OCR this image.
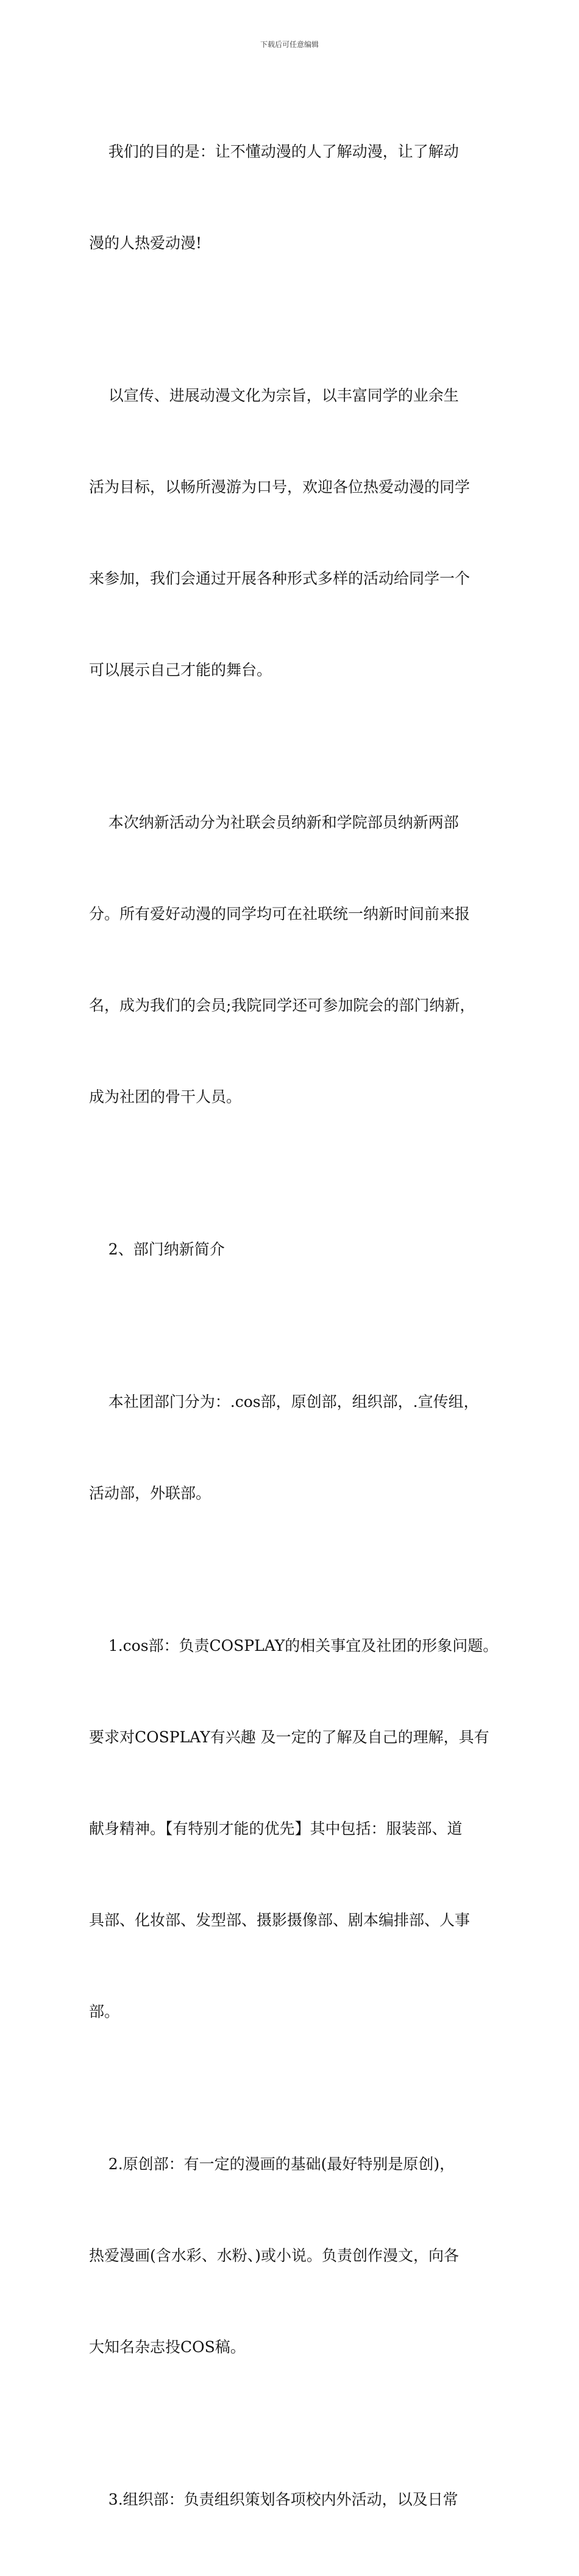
下载后可任意编辑

我们的目的是：让不懂动漫的人了解动漫，让了解动

漫的人热爱动漫!

以宣传、进展动漫文化为宗旨，以丰富同学的业余生

活为目标，以畅所漫游为口号，欢迎各位热爱动漫的同学

来参加，我们会通过开展各种形式多样的活动给同学一个

可以展示自己才能的舞台。

本次纳新活动分为社联会员纳新和学院部员纳新两部

分。所有爱好动漫的同学均可在社联统一纳新时间前来报

名，成为我们的会员;我院同学还可参加院会的部门纳新，

成为社团的骨干人员。

2、部门纳新简介

本社团部门分为：.cos部，原创部，组织部，.宣传组，

活动部，外联部。

1.cos部：负责COSPLAY的相关事宜及社团的形象问题。

要求对COSPLAY有兴趣 及一定的了解及自己的理解，具有

献身精神。【有特别才能的优先】其中包括：服装部、道

具部、化妆部、发型部、摄影摄像部、剧本编排部、人事

部。

2.原创部：有一定的漫画的基础(最好特别是原创)，

热爱漫画(含水彩、水粉、)或小说。负责创作漫文，向各

大知名杂志投COS稿。

3.组织部：负责组织策划各项校内外活动，以及日常
